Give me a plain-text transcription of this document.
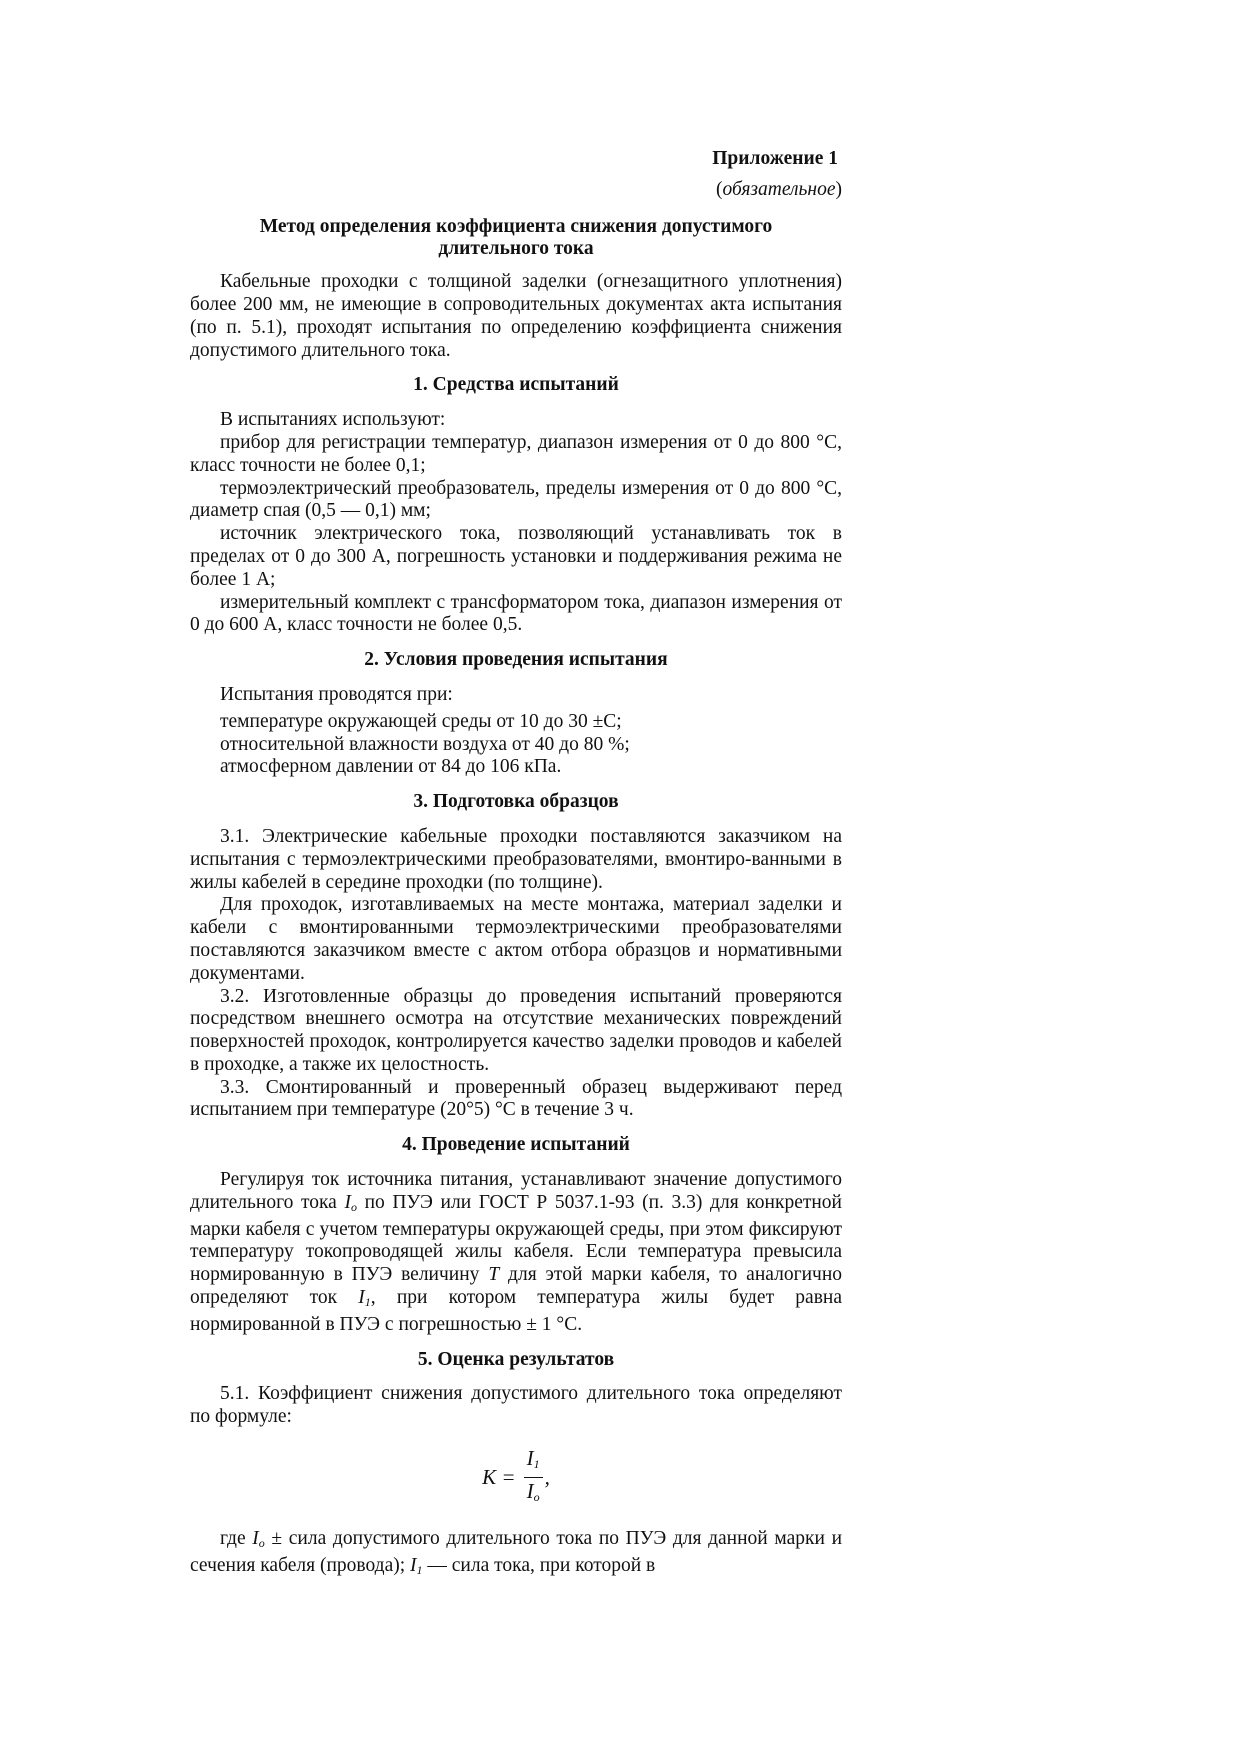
Приложение 1
(обязательное)
Метод определения коэффициента снижения допустимого длительного тока

Кабельные проходки с толщиной заделки (огнезащитного уплотнения) более 200 мм, не имеющие в сопроводительных документах акта испытания (по п. 5.1), проходят испытания по определению коэффициента снижения допустимого длительного тока.

1. Средства испытаний

В испытаниях используют:

прибор для регистрации температур, диапазон измерения от 0 до 800 °С, класс точности не более 0,1;

термоэлектрический преобразователь, пределы измерения от 0 до 800 °С, диаметр спая (0,5 — 0,1) мм;

источник электрического тока, позволяющий устанавливать ток в пределах от 0 до 300 А, погрешность установки и поддерживания режима не более 1 А;

измерительный комплект с трансформатором тока, диапазон измерения от 0 до 600 А, класс точности не более 0,5.

2. Условия проведения испытания

Испытания проводятся при:

температуре окружающей среды от 10 до 30 ±С;

относительной влажности воздуха от 40 до 80 %;

атмосферном давлении от 84 до 106 кПа.

3. Подготовка образцов

3.1. Электрические кабельные проходки поставляются заказчиком на испытания с термоэлектрическими преобразователями, вмонтиро-ванными в жилы кабелей в середине проходки (по толщине).

Для проходок, изготавливаемых на месте монтажа, материал заделки и кабели с вмонтированными термоэлектрическими преобразователями поставляются заказчиком вместе с актом отбора образцов и нормативными документами.

3.2. Изготовленные образцы до проведения испытаний проверяются посредством внешнего осмотра на отсутствие механических повреждений поверхностей проходок, контролируется качество заделки проводов и кабелей в проходке, а также их целостность.

3.3. Смонтированный и проверенный образец выдерживают перед испытанием при температуре (20°5) °С в течение 3 ч.

4. Проведение испытаний

Регулируя ток источника питания, устанавливают значение допустимого длительного тока $I_o$ по ПУЭ или ГОСТ Р 5037.1-93 (п. 3.3) для конкретной марки кабеля с учетом температуры окружающей среды, при этом фиксируют температуру токопроводящей жилы кабеля. Если температура превысила нормированную в ПУЭ величину T для этой марки кабеля, то аналогично определяют ток $I_1$, при котором температура жилы будет равна нормированной в ПУЭ с погрешностью ± 1 °С.

5. Оценка результатов

5.1. Коэффициент снижения допустимого длительного тока определяют по формуле:

$K = \frac{I_1}{I_o}$ ,

где $I_o$ ± сила допустимого длительного тока по ПУЭ для данной марки и сечения кабеля (провода); $I_1$ — сила тока, при которой в
